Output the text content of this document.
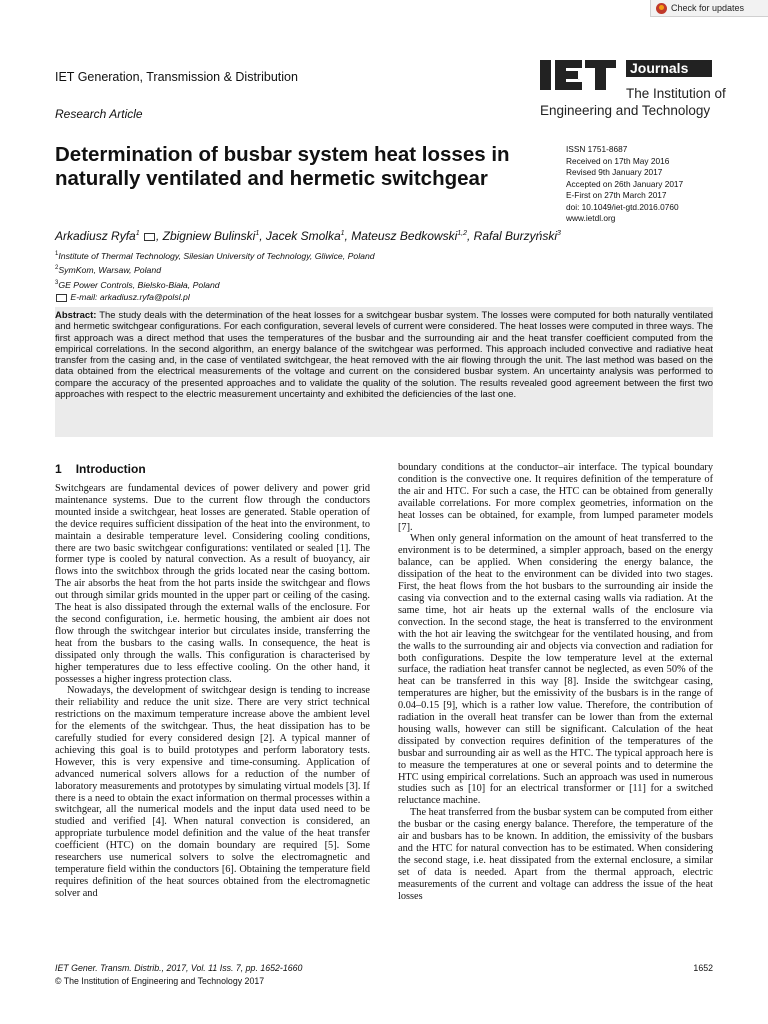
Check for updates
IET Generation, Transmission & Distribution
Research Article
IET
Journals
The Institution of
Engineering and Technology
Determination of busbar system heat losses in naturally ventilated and hermetic switchgear
ISSN 1751-8687
Received on 17th May 2016
Revised 9th January 2017
Accepted on 26th January 2017
E-First on 27th March 2017
doi: 10.1049/iet-gtd.2016.0760
www.ietdl.org
Arkadiusz Ryfa$^1$ , Zbigniew Bulinski$^1$, Jacek Smolka$^1$, Mateusz Bedkowski$^{1,2}$, Rafal Burzyński$^3$
$^1$Institute of Thermal Technology, Silesian University of Technology, Gliwice, Poland
$^2$SymKom, Warsaw, Poland
$^3$GE Power Controls, Bielsko-Biała, Poland
E-mail: arkadiusz.ryfa@polsl.pl

Abstract: The study deals with the determination of the heat losses for a switchgear busbar system. The losses were computed for both naturally ventilated and hermetic switchgear configurations. For each configuration, several levels of current were considered. The heat losses were computed in three ways. The first approach was a direct method that uses the temperatures of the busbar and the surrounding air and the heat transfer coefficient computed from the empirical correlations. In the second algorithm, an energy balance of the switchgear was performed. This approach included convective and radiative heat transfer from the casing and, in the case of ventilated switchgear, the heat removed with the air flowing through the unit. The last method was based on the data obtained from the electrical measurements of the voltage and current on the considered busbar system. An uncertainty analysis was performed to compare the accuracy of the presented approaches and to validate the quality of the solution. The results revealed good agreement between the first two approaches with respect to the electric measurement uncertainty and exhibited the deficiencies of the last one.

1 Introduction

Switchgears are fundamental devices of power delivery and power grid maintenance systems. Due to the current flow through the conductors mounted inside a switchgear, heat losses are generated. Stable operation of the device requires sufficient dissipation of the heat into the environment, to maintain a desirable temperature level. Considering cooling conditions, there are two basic switchgear configurations: ventilated or sealed [1]. The former type is cooled by natural convection. As a result of buoyancy, air flows into the switchbox through the grids located near the casing bottom. The air absorbs the heat from the hot parts inside the switchgear and flows out through similar grids mounted in the upper part or ceiling of the casing. The heat is also dissipated through the external walls of the enclosure. For the second configuration, i.e. hermetic housing, the ambient air does not flow through the switchgear interior but circulates inside, transferring the heat from the busbars to the casing walls. In consequence, the heat is dissipated only through the walls. This configuration is characterised by higher temperatures due to less effective cooling. On the other hand, it possesses a higher ingress protection class.

Nowadays, the development of switchgear design is tending to increase their reliability and reduce the unit size. There are very strict technical restrictions on the maximum temperature increase above the ambient level for the elements of the switchgear. Thus, the heat dissipation has to be carefully studied for every considered design [2]. A typical manner of achieving this goal is to build prototypes and perform laboratory tests. However, this is very expensive and time-consuming. Application of advanced numerical solvers allows for a reduction of the number of laboratory measurements and prototypes by simulating virtual models [3]. If there is a need to obtain the exact information on thermal processes within a switchgear, all the numerical models and the input data used need to be studied and verified [4]. When natural convection is considered, an appropriate turbulence model definition and the value of the heat transfer coefficient (HTC) on the domain boundary are required [5]. Some researchers use numerical solvers to solve the electromagnetic and temperature field within the conductors [6]. Obtaining the temperature field requires definition of the heat sources obtained from the electromagnetic solver and

boundary conditions at the conductor–air interface. The typical boundary condition is the convective one. It requires definition of the temperature of the air and HTC. For such a case, the HTC can be obtained from generally available correlations. For more complex geometries, information on the heat losses can be obtained, for example, from lumped parameter models [7].

When only general information on the amount of heat transferred to the environment is to be determined, a simpler approach, based on the energy balance, can be applied. When considering the energy balance, the dissipation of the heat to the environment can be divided into two stages. First, the heat flows from the hot busbars to the surrounding air inside the casing via convection and to the external casing walls via radiation. At the same time, hot air heats up the external walls of the enclosure via convection. In the second stage, the heat is transferred to the environment with the hot air leaving the switchgear for the ventilated housing, and from the walls to the surrounding air and objects via convection and radiation for both configurations. Despite the low temperature level at the external surface, the radiation heat transfer cannot be neglected, as even 50% of the heat can be transferred in this way [8]. Inside the switchgear casing, temperatures are higher, but the emissivity of the busbars is in the range of 0.04–0.15 [9], which is a rather low value. Therefore, the contribution of radiation in the overall heat transfer can be lower than from the external housing walls, however can still be significant. Calculation of the heat dissipated by convection requires definition of the temperatures of the busbar and surrounding air as well as the HTC. The typical approach here is to measure the temperatures at one or several points and to determine the HTC using empirical correlations. Such an approach was used in numerous studies such as [10] for an electrical transformer or [11] for a switched reluctance machine.

The heat transferred from the busbar system can be computed from either the busbar or the casing energy balance. Therefore, the temperature of the air and busbars has to be known. In addition, the emissivity of the busbars and the HTC for natural convection has to be estimated. When considering the second stage, i.e. heat dissipated from the external enclosure, a similar set of data is needed. Apart from the thermal approach, electric measurements of the current and voltage can address the issue of the heat losses

IET Gener. Transm. Distrib., 2017, Vol. 11 Iss. 7, pp. 1652-1660
© The Institution of Engineering and Technology 2017
1652
